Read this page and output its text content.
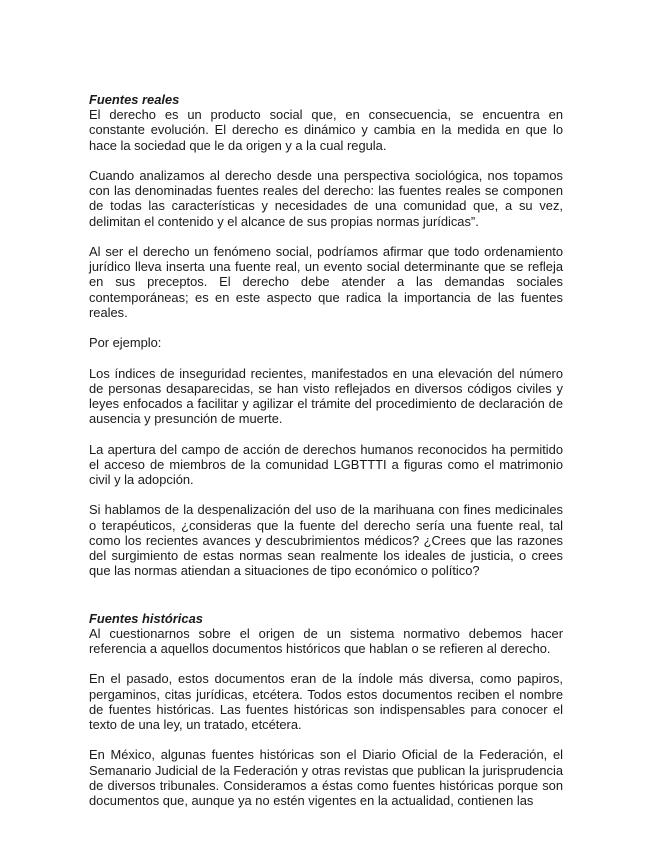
Fuentes reales

El derecho es un producto social que, en consecuencia, se encuentra en constante evolución. El derecho es dinámico y cambia en la medida en que lo hace la sociedad que le da origen y a la cual regula.

Cuando analizamos al derecho desde una perspectiva sociológica, nos topamos con las denominadas fuentes reales del derecho: las fuentes reales se componen de todas las características y necesidades de una comunidad que, a su vez, delimitan el contenido y el alcance de sus propias normas jurídicas”.

Al ser el derecho un fenómeno social, podríamos afirmar que todo ordenamiento jurídico lleva inserta una fuente real, un evento social determinante que se refleja en sus preceptos. El derecho debe atender a las demandas sociales contemporáneas; es en este aspecto que radica la importancia de las fuentes reales.

Por ejemplo:

Los índices de inseguridad recientes, manifestados en una elevación del número de personas desaparecidas, se han visto reflejados en diversos códigos civiles y leyes enfocados a facilitar y agilizar el trámite del procedimiento de declaración de ausencia y presunción de muerte.

La apertura del campo de acción de derechos humanos reconocidos ha permitido el acceso de miembros de la comunidad LGBTTTI a figuras como el matrimonio civil y la adopción.

Si hablamos de la despenalización del uso de la marihuana con fines medicinales o terapéuticos, ¿consideras que la fuente del derecho sería una fuente real, tal como los recientes avances y descubrimientos médicos? ¿Crees que las razones del surgimiento de estas normas sean realmente los ideales de justicia, o crees que las normas atiendan a situaciones de tipo económico o político?

Fuentes históricas

Al cuestionarnos sobre el origen de un sistema normativo debemos hacer referencia a aquellos documentos históricos que hablan o se refieren al derecho.

En el pasado, estos documentos eran de la índole más diversa, como papiros, pergaminos, citas jurídicas, etcétera. Todos estos documentos reciben el nombre de fuentes históricas. Las fuentes históricas son indispensables para conocer el texto de una ley, un tratado, etcétera.

En México, algunas fuentes históricas son el Diario Oficial de la Federación, el Semanario Judicial de la Federación y otras revistas que publican la jurisprudencia de diversos tribunales. Consideramos a éstas como fuentes históricas porque son documentos que, aunque ya no estén vigentes en la actualidad, contienen las
